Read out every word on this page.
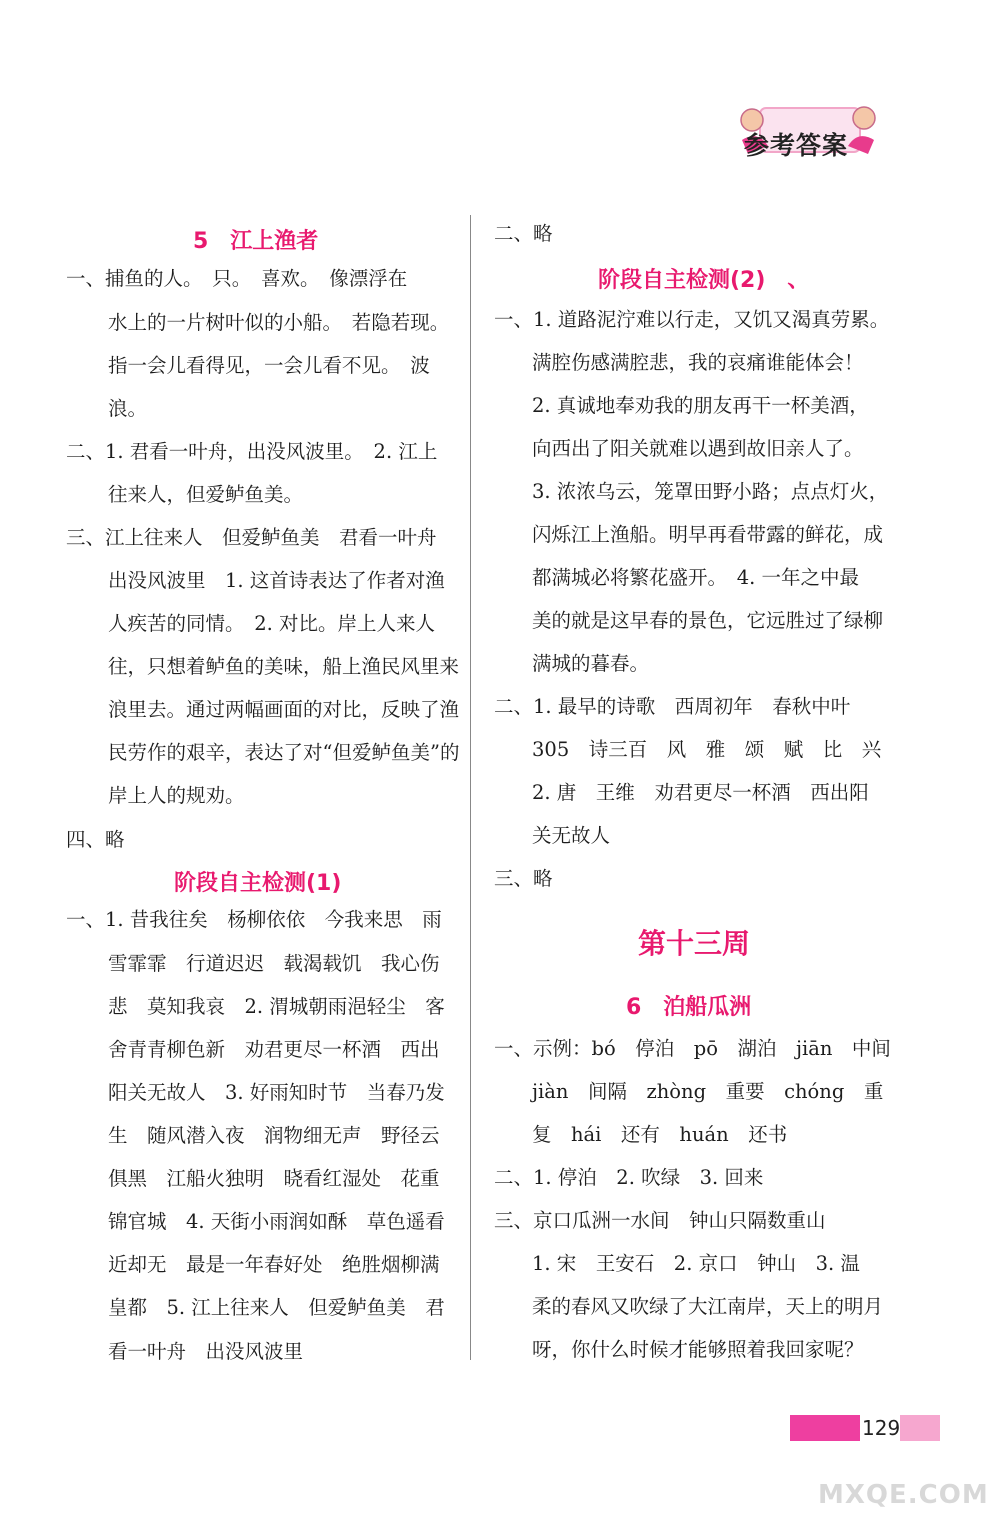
参考答案
5　江上渔者
一、捕鱼的人。　只。　喜欢。　像漂浮在
水上的一片树叶似的小船。　若隐若现。
指一会儿看得见，一会儿看不见。　波
浪。
二、1. 君看一叶舟，出没风波里。　2. 江上
往来人，但爱鲈鱼美。
三、江上往来人　但爱鲈鱼美　君看一叶舟
出没风波里　1. 这首诗表达了作者对渔
人疾苦的同情。　2. 对比。岸上人来人
往，只想着鲈鱼的美味，船上渔民风里来
浪里去。通过两幅画面的对比，反映了渔
民劳作的艰辛，表达了对“但爱鲈鱼美”的
岸上人的规劝。
四、略
阶段自主检测(1)
一、1. 昔我往矣　杨柳依依　今我来思　雨
雪霏霏　行道迟迟　载渴载饥　我心伤
悲　莫知我哀　2. 渭城朝雨浥轻尘　客
舍青青柳色新　劝君更尽一杯酒　西出
阳关无故人　3. 好雨知时节　当春乃发
生　随风潜入夜　润物细无声　野径云
俱黑　江船火独明　晓看红湿处　花重
锦官城　4. 天街小雨润如酥　草色遥看
近却无　最是一年春好处　绝胜烟柳满
皇都　5. 江上往来人　但爱鲈鱼美　君
看一叶舟　出没风波里
二、略
阶段自主检测(2)　、
一、1. 道路泥泞难以行走，又饥又渴真劳累。
满腔伤感满腔悲，我的哀痛谁能体会！
2. 真诚地奉劝我的朋友再干一杯美酒，
向西出了阳关就难以遇到故旧亲人了。
3. 浓浓乌云，笼罩田野小路；点点灯火，
闪烁江上渔船。明早再看带露的鲜花，成
都满城必将繁花盛开。　4. 一年之中最
美的就是这早春的景色，它远胜过了绿柳
满城的暮春。
二、1. 最早的诗歌　西周初年　春秋中叶
305　诗三百　风　雅　颂　赋　比　兴
2. 唐　王维　劝君更尽一杯酒　西出阳
关无故人
三、略
第十三周
6　泊船瓜洲
一、示例：bó　停泊　pō　湖泊　jiān　中间
jiàn　间隔　zhòng　重要　chóng　重
复　hái　还有　huán　还书
二、1. 停泊　2. 吹绿　3. 回来
三、京口瓜洲一水间　钟山只隔数重山
1. 宋　王安石　2. 京口　钟山　3. 温
柔的春风又吹绿了大江南岸，天上的明月
呀，你什么时候才能够照着我回家呢？
129
MXQE.COM
